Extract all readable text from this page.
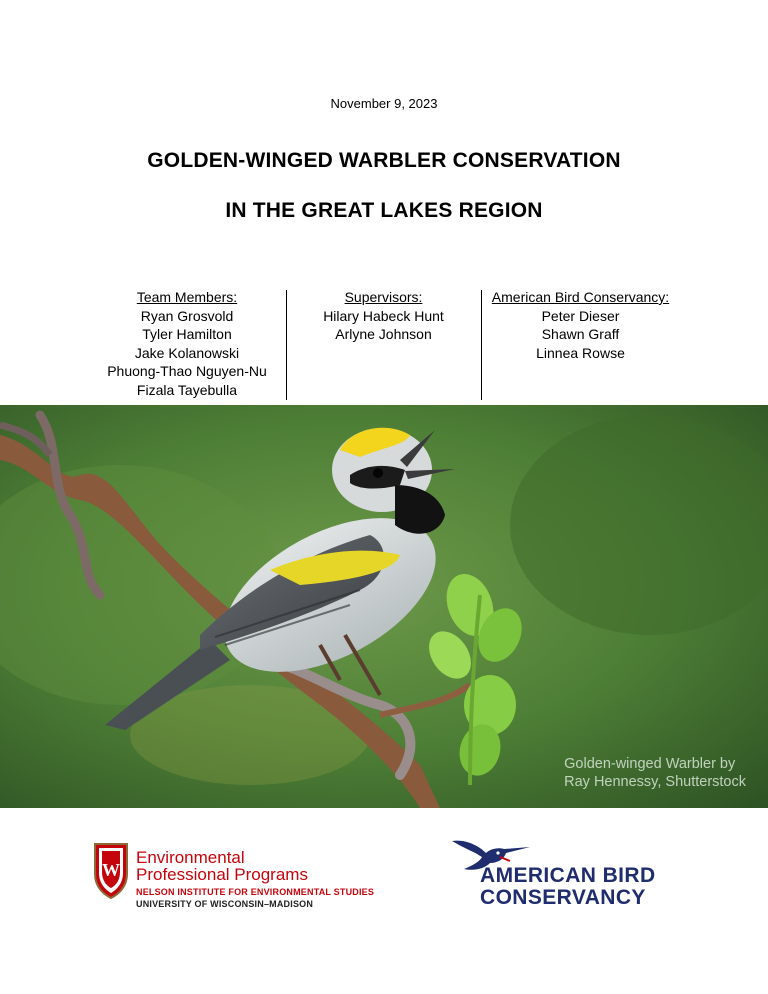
November 9, 2023
GOLDEN-WINGED WARBLER CONSERVATION
IN THE GREAT LAKES REGION
Team Members:
Ryan Grosvold
Tyler Hamilton
Jake Kolanowski
Phuong-Thao Nguyen-Nu
Fizala Tayebulla
Supervisors:
Hilary Habeck Hunt
Arlyne Johnson
American Bird Conservancy:
Peter Dieser
Shawn Graff
Linnea Rowse
Golden-winged Warbler by
Ray Hennessy, Shutterstock
W
Environmental
Professional Programs
NELSON INSTITUTE FOR ENVIRONMENTAL STUDIES
UNIVERSITY OF WISCONSIN–MADISON
AMERICAN BIRD
CONSERVANCY
